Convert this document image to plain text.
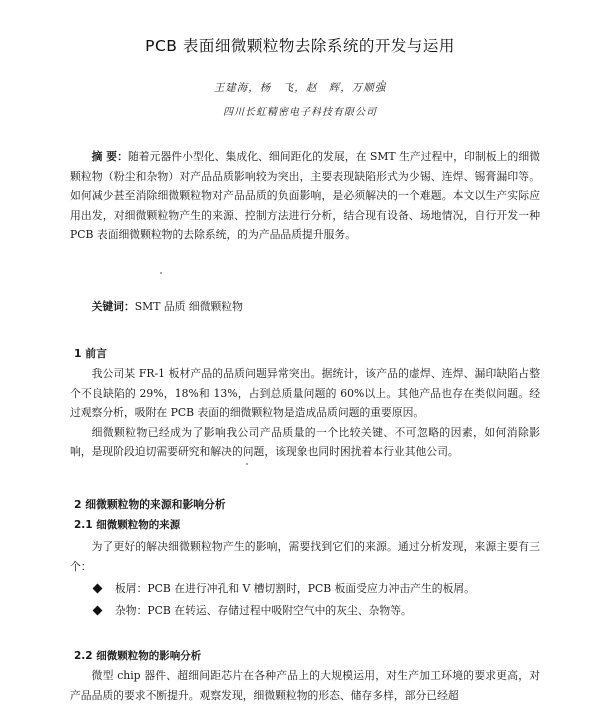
PCB 表面细微颗粒物去除系统的开发与运用
王建海，杨　飞，赵　辉，万顺强
四川长虹精密电子科技有限公司

摘 要：随着元器件小型化、集成化、细间距化的发展，在 SMT 生产过程中，印制板上的细微颗粒物（粉尘和杂物）对产品品质影响较为突出，主要表现缺陷形式为少锡、连焊、锡膏漏印等。如何减少甚至消除细微颗粒物对产品品质的负面影响，是必须解决的一个难题。本文以生产实际应用出发，对细微颗粒物产生的来源、控制方法进行分析，结合现有设备、场地情况，自行开发一种 PCB 表面细微颗粒物的去除系统，的为产品品质提升服务。

关键词：SMT 品质 细微颗粒物

1 前言

我公司某 FR-1 板材产品的品质问题异常突出。据统计，该产品的虚焊、连焊、漏印缺陷占整个不良缺陷的 29%，18%和 13%，占到总质量问题的 60%以上。其他产品也存在类似问题。经过观察分析，吸附在 PCB 表面的细微颗粒物是造成品质问题的重要原因。

细微颗粒物已经成为了影响我公司产品质量的一个比较关键、不可忽略的因素，如何消除影响，是现阶段迫切需要研究和解决的问题，该现象也同时困扰着本行业其他公司。

2 细微颗粒物的来源和影响分析
2.1 细微颗粒物的来源

为了更好的解决细微颗粒物产生的影响，需要找到它们的来源。通过分析发现，来源主要有三个：

板屑：PCB 在进行冲孔和 V 槽切割时，PCB 板面受应力冲击产生的板屑。
杂物：PCB 在转运、存储过程中吸附空气中的灰尘、杂物等。
2.2 细微颗粒物的影响分析

微型 chip 器件、超细间距芯片在各种产品上的大规模运用，对生产加工环境的要求更高，对产品品质的要求不断提升。观察发现，细微颗粒物的形态、储存多样，部分已经超
